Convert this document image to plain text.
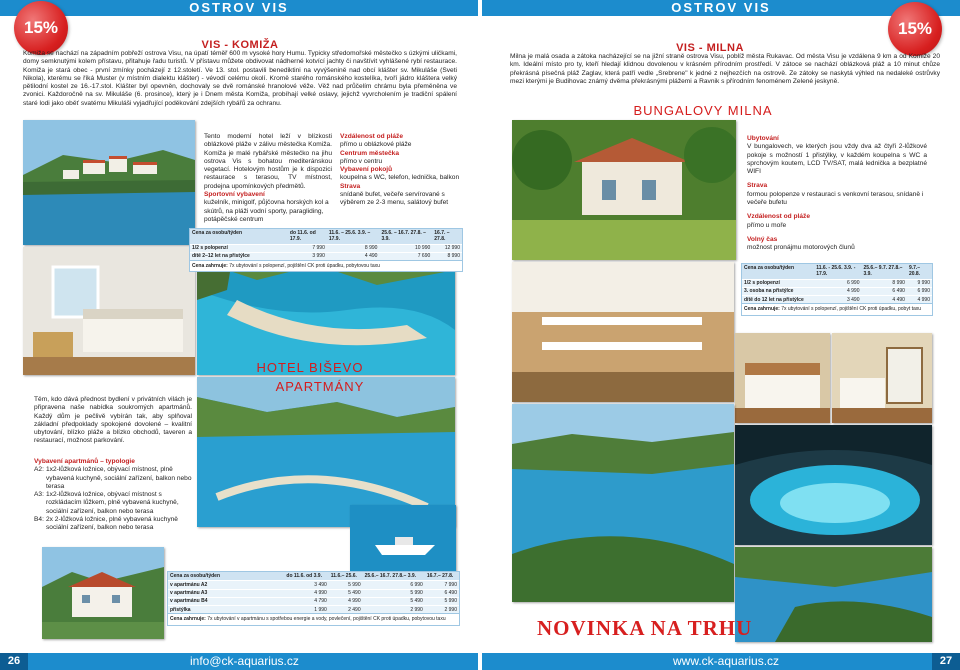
OSTROV VIS	OSTROV VIS
15%	15%
VIS - KOMIŽA
Komiža se nachází na západním pobřeží ostrova Visu, na úpatí téměř 600 m vysoké hory Humu. Typicky středomořské městečko s úzkými uličkami, domy semknutými kolem přístavu, přitahuje řadu turistů. V přístavu můžete obdivovat nádherné kotvící jachty či navštívit vyhlášené rybí restaurace. Komiža je stará obec - první zmínky pocházejí z 12.století. Ve 13. stol. postavili benediktini na vyvýšenině nad obcí klášter sv. Mikuláše (Sveti Nikola), kterému se říká Muster (v místním dialektu klášter) - vévodí celému okolí. Kromě starého románského kostelíka, tvoří jádro kláštera velký pětilodní kostel ze 16.-17.stol. Klášter byl opevněn, dochovaly se dvě románské hranolové věže. Věž nad průčelím chrámu byla přeměněna ve zvonici. Každoročně na sv. Mikuláše (6. prosince), který je i Dnem města Komiža, probíhají velké oslavy, jejichž vyvrcholením je tradiční spálení staré lodi jako oběť svatému Mikuláši vyjadřující poděkování zdejších rybářů za ochranu.
Tento moderní hotel leží v blízkosti oblázkové pláže v zálivu městečka Komiža. Komiža je malé rybářské městečko na jihu ostrova Vis s bohatou mediteránskou vegetací. Hotelovým hostům je k dispozici restaurace s terasou, TV místnost, prodejna upomínkových předmětů.
Sportovní vybavení
kuželník, minigolf, půjčovna horských kol a skútrů, na pláži vodní sporty, paragliding, potápěčské centrum
Vzdálenost od pláže
přímo u oblázkové pláže
Centrum městečka
přímo v centru
Vybavení pokojů
koupelna s WC, telefon, lednička, balkon
Strava
snídaně bufet, večeře servírované s výběrem ze 2-3 menu, salátový bufet
Cena za osobu/týden	do 11.6. od 17.9.	11.6. – 25.6. 3.9. – 17.9.	25.6. – 16.7. 27.8. – 3.9.	16.7. – 27.8.
1/2 s polopenzí	7 990	8 990	10 990	12 990
dítě 2–12 let na přistýlce	3 990	4 490	7 690	8 990
Cena zahrnuje: 7x ubytování s polopenzí, pojištění CK proti úpadku, pobytovou taxu
HOTEL BIŠEVO
APARTMÁNY
Těm, kdo dává přednost bydlení v privátních vilách je připravena naše nabídka soukromých apartmánů. Každý dům je pečlivě vybírán tak, aby splňoval základní předpoklady spokojené dovolené – kvalitní ubytování, blízko pláže a blízko obchodů, taveren a restaurací, možnost parkování.
Vybavení apartmánů – typologie
A2: 1x2-lůžková ložnice, obývací místnost, plně vybavená kuchyně, sociální zařízení, balkon nebo terasa
A3: 1x2-lůžková ložnice, obývací místnost s rozkládacím lůžkem, plně vybavená kuchyně, sociální zařízení, balkon nebo terasa
B4: 2x 2-lůžková ložnice, plně vybavená kuchyně sociální zařízení, balkon nebo terasa
Cena za osobu/týden	do 11.6. od 3.9.	11.6.– 25.6.	25.6.– 16.7. 27.8.– 3.9.	16.7.– 27.8.
v apartmánu A2	3 490	5 990	6 990	7 990
v apartmánu A3	4 990	5 490	5 990	6 490
v apartmánu B4	4 790	4 990	5 490	5 990
přistýlka	1 990	2 490	2 990	2 990
Cena zahrnuje: 7x ubytování v apartmánu s spotřebou energie a vody, povlečení, pojištění CK proti úpadku, pobytovou taxu
VIS - MILNA
Milna je malá osada a zátoka nacházející se na jižní straně ostrova Visu, poblíž města Rukavac. Od města Visu je vzdálena 9 km a od Komiže 20 km. Ideální místo pro ty, kteří hledají klidnou dovolenou v krásném přírodním prostředí. V zátoce se nachází oblázková pláž a 10 minut chůze překrásná písečná pláž Zaglav, která patří vedle „Srebrene" k jedné z nejhezčích na ostrově. Ze zátoky se naskytá výhled na nedaleké ostrůvky mezi kterými je Budihovac známý dvěma překrásnými plážemi a Ravnik s přírodním fenoménem Zelené jeskyně.
BUNGALOVY MILNA
Ubytování
V bungalovech, ve kterých jsou vždy dva až čtyři 2-lůžkové pokoje s možností 1 přistýlky, v každém koupelna s WC a sprchovým koutem, LCD TV/SAT, malá lednička a bezplatné WIFI
Strava
formou polopenze v restauraci s venkovní terasou, snídaně i večeře bufetu
Vzdálenost od pláže
přímo u moře
Volný čas
možnost pronájmu motorových člunů
Cena za osobu/týden	11.6. - 25.6. 3.9. - 17.9.	25.6.– 9.7. 27.8.– 3.9.	9.7.– 20.8.
1/2 s polopenzí	6 990	8 990	9 990
3. osoba na přistýlce	4 990	6 490	6 990
dítě do 12 let na přistýlce	3 490	4 490	4 990
Cena zahrnuje: 7x ubytování s polopenzí, pojištění CK proti úpadku, pobyt taxu
NOVINKA NA TRHU
26	27
info@ck-aquarius.cz	www.ck-aquarius.cz
